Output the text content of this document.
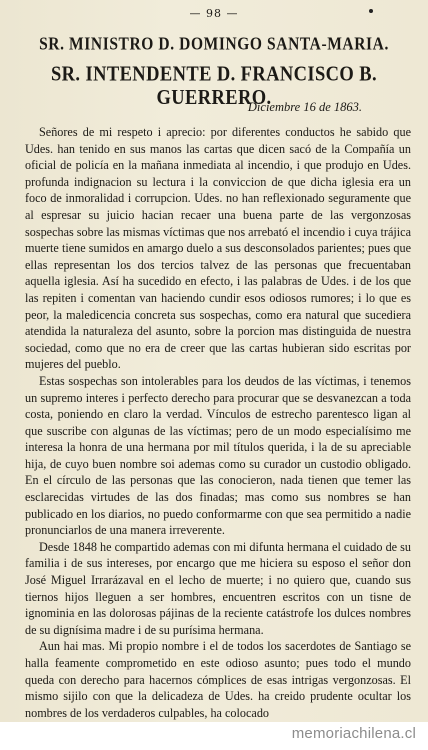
— 98 —
SR. MINISTRO D. DOMINGO SANTA-MARIA.
SR. INTENDENTE D. FRANCISCO B. GUERRERO.
Diciembre 16 de 1863.

Señores de mi respeto i aprecio: por diferentes conductos he sabido que Udes. han tenido en sus manos las cartas que dicen sacó de la Compañía un oficial de policía en la mañana inmediata al incendio, i que produjo en Udes. profunda indignacion su lectura i la conviccion de que dicha iglesia era un foco de inmoralidad i corrupcion. Udes. no han reflexionado seguramente que al espresar su juicio hacian recaer una buena parte de las vergonzosas sospechas sobre las mismas víctimas que nos arrebató el incendio i cuya trájica muerte tiene sumidos en amargo duelo a sus desconsolados parientes; pues que ellas representan los dos tercios talvez de las personas que frecuentaban aquella iglesia. Así ha sucedido en efecto, i las palabras de Udes. i de los que las repiten i comentan van haciendo cundir esos odiosos rumores; i lo que es peor, la maledicencia concreta sus sospechas, como era natural que sucediera atendida la naturaleza del asunto, sobre la porcion mas distinguida de nuestra sociedad, como que no era de creer que las cartas hubieran sido escritas por mujeres del pueblo.

Estas sospechas son intolerables para los deudos de las víctimas, i tenemos un supremo interes i perfecto derecho para procurar que se desvanezcan a toda costa, poniendo en claro la verdad. Vínculos de estrecho parentesco ligan al que suscribe con algunas de las víctimas; pero de un modo especialísimo me interesa la honra de una hermana por mil títulos querida, i la de su apreciable hija, de cuyo buen nombre soi ademas como su curador un custodio obligado. En el círculo de las personas que las conocieron, nada tienen que temer las esclarecidas virtudes de las dos finadas; mas como sus nombres se han publicado en los diarios, no puedo conformarme con que sea permitido a nadie pronunciarlos de una manera irreverente.

Desde 1848 he compartido ademas con mi difunta hermana el cuidado de su familia i de sus intereses, por encargo que me hiciera su esposo el señor don José Miguel Irrarázaval en el lecho de muerte; i no quiero que, cuando sus tiernos hijos lleguen a ser hombres, encuentren escritos con un tisne de ignominia en las dolorosas pájinas de la reciente catástrofe los dulces nombres de su dignísima madre i de su purísima hermana.

Aun hai mas. Mi propio nombre i el de todos los sacerdotes de Santiago se halla feamente comprometido en este odioso asunto; pues todo el mundo queda con derecho para hacernos cómplices de esas intrigas vergonzosas. El mismo sijilo con que la delicadeza de Udes. ha creido prudente ocultar los nombres de los verdaderos culpables, ha colocado

memoriachilena.cl
